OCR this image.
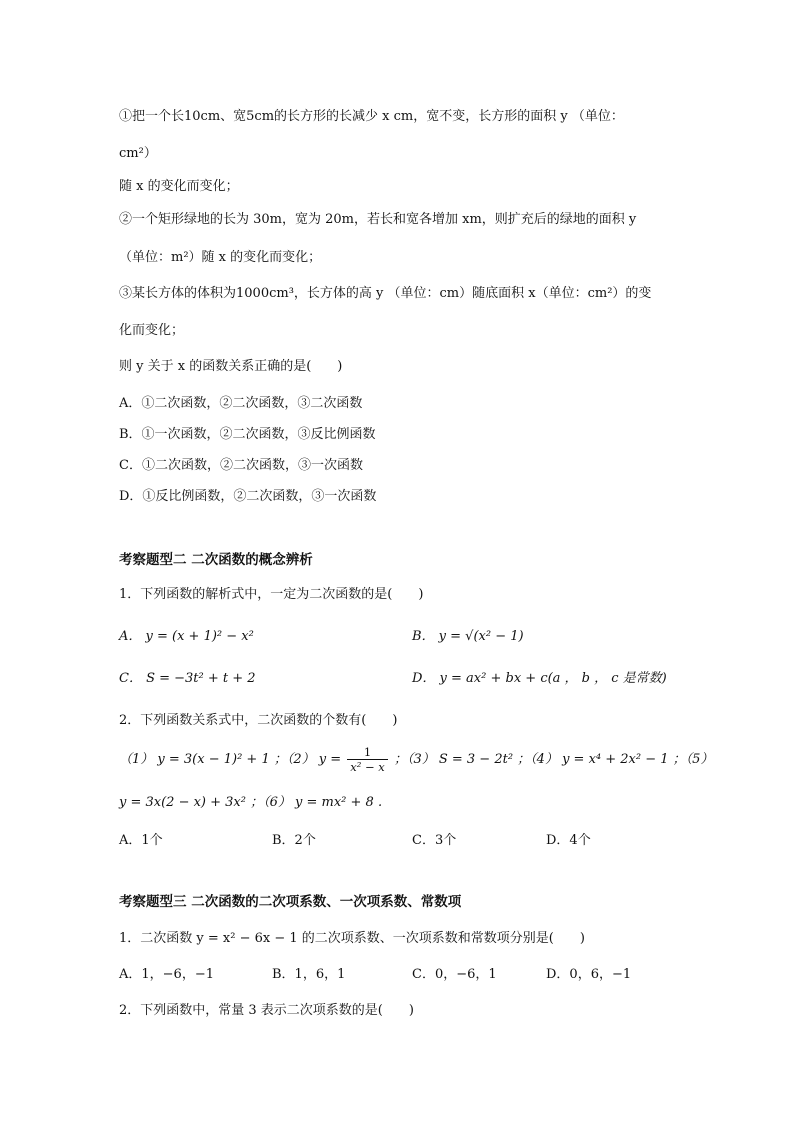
①把一个长10cm、宽5cm的长方形的长减少 x cm，宽不变，长方形的面积 y （单位：
cm²）
随 x 的变化而变化；
②一个矩形绿地的长为 30m，宽为 20m，若长和宽各增加 xm，则扩充后的绿地的面积 y
（单位：m²）随 x 的变化而变化；
③某长方体的体积为1000cm³，长方体的高 y （单位：cm）随底面积 x（单位：cm²）的变
化而变化；
则 y 关于 x 的函数关系正确的是(　　)
A．①二次函数，②二次函数，③二次函数
B．①一次函数，②二次函数，③反比例函数
C．①二次函数，②二次函数，③一次函数
D．①反比例函数，②二次函数，③一次函数
考察题型二 二次函数的概念辨析
1．下列函数的解析式中，一定为二次函数的是(　　)
A． y = (x + 1)² − x²	B． y = √(x² − 1)
C． S = −3t² + t + 2	D． y = ax² + bx + c(a ， b ， c 是常数)
2．下列函数关系式中，二次函数的个数有(　　)
（1） y = 3(x − 1)² + 1 ；（2） $y = \frac{1}{\text{x² − x}}$ ；（3） S = 3 − 2t² ；（4） y = x⁴ + 2x² − 1 ；（5）
y = 3x(2 − x) + 3x² ；（6） y = mx² + 8 .
A．1个	B．2个	C．3个	D．4个
考察题型三 二次函数的二次项系数、一次项系数、常数项
1．二次函数 y = x² − 6x − 1 的二次项系数、一次项系数和常数项分别是(　　)
A．1，−6，−1	B．1，6，1	C．0，−6，1	D．0，6，−1
2．下列函数中，常量 3 表示二次项系数的是(　　)
